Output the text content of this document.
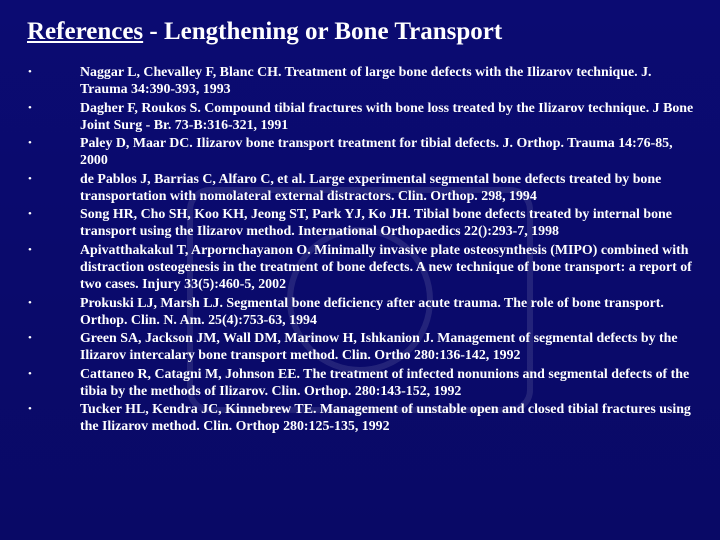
References - Lengthening or Bone Transport
•	Naggar L, Chevalley F, Blanc CH. Treatment of large bone defects with the Ilizarov technique. J. Trauma 34:390-393, 1993
•	Dagher F, Roukos S. Compound tibial fractures with bone loss treated by the Ilizarov technique. J Bone Joint Surg - Br. 73-B:316-321, 1991
•	Paley D, Maar DC. Ilizarov bone transport treatment for tibial defects. J. Orthop. Trauma 14:76-85, 2000
•	de Pablos J, Barrias C, Alfaro C, et al. Large experimental segmental bone defects treated by bone transportation with nomolateral external distractors. Clin. Orthop. 298, 1994
•	Song HR, Cho SH, Koo KH, Jeong ST, Park YJ, Ko JH. Tibial bone defects treated by internal bone transport using the Ilizarov method. International Orthopaedics 22():293-7, 1998
•	Apivatthakakul T, Arpornchayanon O. Minimally invasive plate osteosynthesis (MIPO) combined with distraction osteogenesis in the treatment of bone defects. A new technique of bone transport: a report of two cases. Injury 33(5):460-5, 2002
•	Prokuski LJ, Marsh LJ. Segmental bone deficiency after acute trauma. The role of bone transport. Orthop. Clin. N. Am. 25(4):753-63, 1994
•	Green SA, Jackson JM, Wall DM, Marinow H, Ishkanion J. Management of segmental defects by the Ilizarov intercalary bone transport method. Clin. Ortho 280:136-142, 1992
•	Cattaneo R, Catagni M, Johnson EE. The treatment of infected nonunions and segmental defects of the tibia by the methods of Ilizarov. Clin. Orthop. 280:143-152, 1992
•	Tucker HL, Kendra JC, Kinnebrew TE. Management of unstable open and closed tibial fractures using the Ilizarov method. Clin. Orthop 280:125-135, 1992
